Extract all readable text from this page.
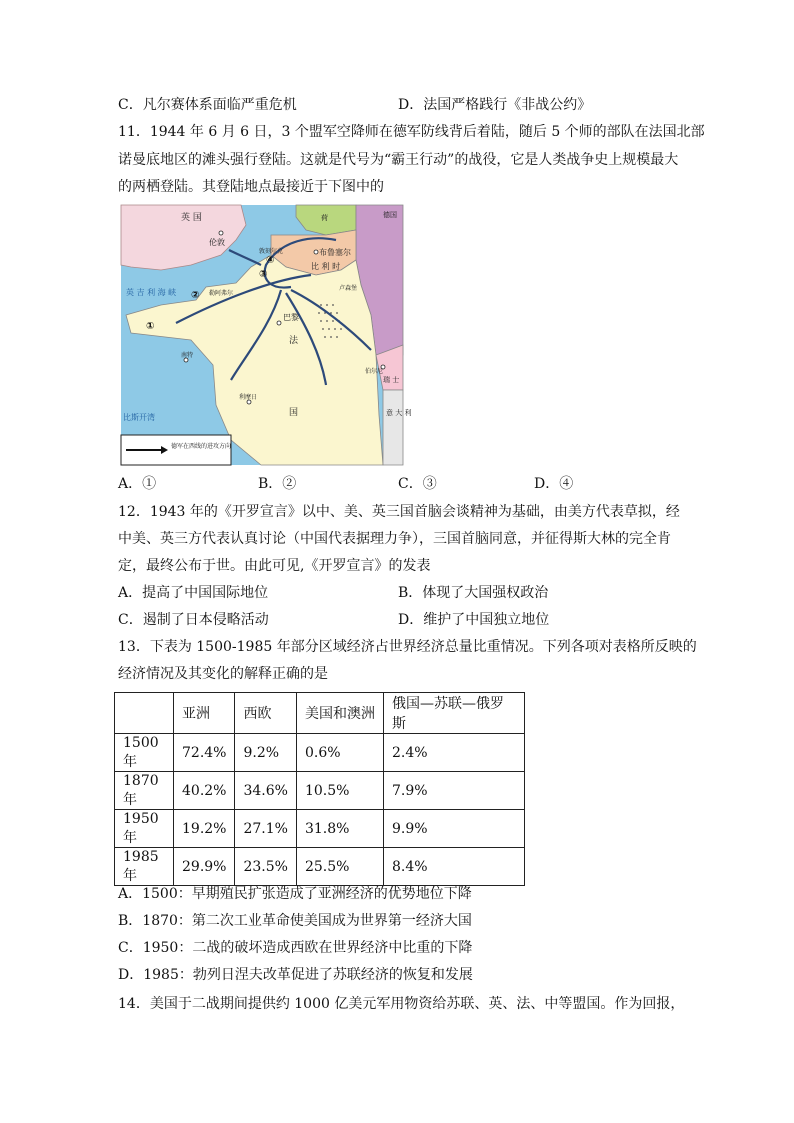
C．凡尔赛体系面临严重危机	D．法国严格践行《非战公约》
11．1944 年 6 月 6 日，3 个盟军空降师在德军防线背后着陆，随后 5 个师的部队在法国北部
诺曼底地区的滩头强行登陆。这就是代号为“霸王行动”的战役，它是人类战争史上规模最大
的两栖登陆。其登陆地点最接近于下图中的
英 国
伦敦
英 吉 利 海 峡
敦刻尔克	布鲁塞尔
比 利 时
勒阿弗尔
巴黎
卢森堡
法
国
南特
利摩日
比斯开湾
瑞 士
伯尔尼
意 大 利
德国
荷
德军在西线的进攻方向
①
②
③
④
A．①	B．②	C．③	D．④
12．1943 年的《开罗宣言》以中、美、英三国首脑会谈精神为基础，由美方代表草拟，经
中美、英三方代表认真讨论（中国代表据理力争），三国首脑同意，并征得斯大林的完全肯
定，最终公布于世。由此可见,《开罗宣言》的发表
A．提高了中国国际地位	B．体现了大国强权政治
C．遏制了日本侵略活动	D．维护了中国独立地位
13．下表为 1500-1985 年部分区域经济占世界经济总量比重情况。下列各项对表格所反映的
经济情况及其变化的解释正确的是
	亚洲	西欧	美国和澳洲	俄国—苏联—俄罗斯
1500 年	72.4%	9.2%	0.6%	2.4%
1870 年	40.2%	34.6%	10.5%	7.9%
1950 年	19.2%	27.1%	31.8%	9.9%
1985 年	29.9%	23.5%	25.5%	8.4%
A．1500：早期殖民扩张造成了亚洲经济的优势地位下降
B．1870：第二次工业革命使美国成为世界第一经济大国
C．1950：二战的破坏造成西欧在世界经济中比重的下降
D．1985：勃列日涅夫改革促进了苏联经济的恢复和发展
14．美国于二战期间提供约 1000 亿美元军用物资给苏联、英、法、中等盟国。作为回报，
